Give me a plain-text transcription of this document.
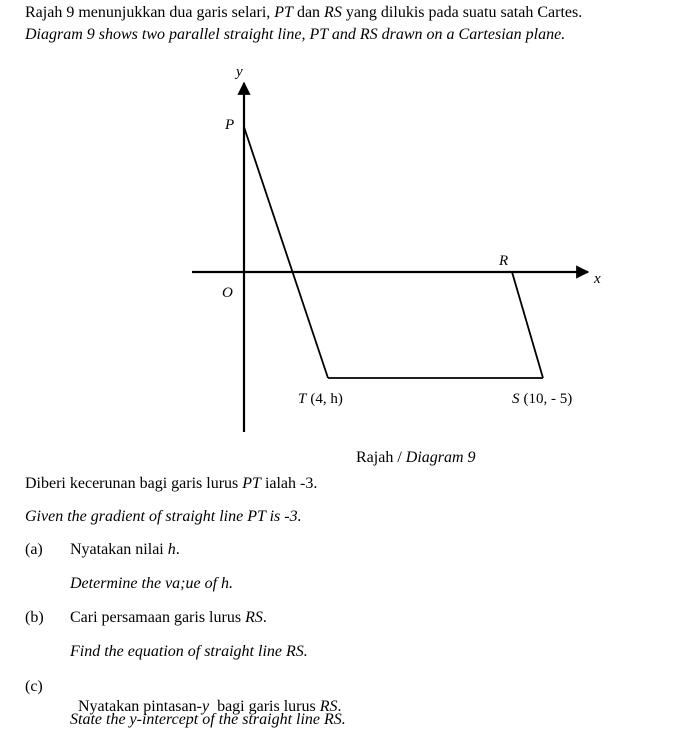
Rajah 9 menunjukkan dua garis selari, PT dan RS yang dilukis pada suatu satah Cartes.
Diagram 9 shows two parallel straight line, PT and RS drawn on a Cartesian plane.
y
x
O
P
R
T (4, h)	S (10, - 5)
Rajah / Diagram 9
Diberi kecerunan bagi garis lurus PT ialah -3.
Given the gradient of straight line PT is -3.
(a) Nyatakan nilai h.
Determine the va;ue of h.
(b) Cari persamaan garis lurus RS.
Find the equation of straight line RS.
(c)

Nyatakan pintasan-y  bagi garis lurus RS.

State the y-intercept of the straight line RS.
